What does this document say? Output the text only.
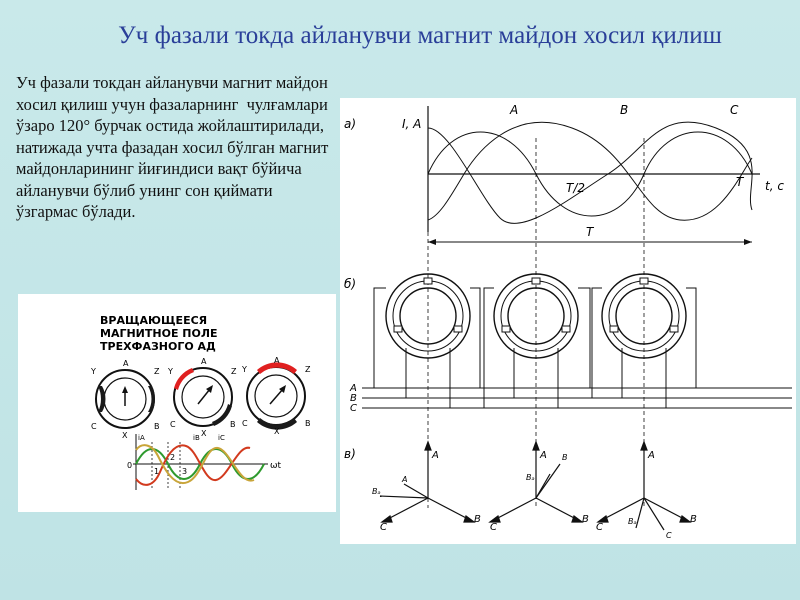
Уч фазали токда айланувчи магнит майдон хосил қилиш
Уч фазали токдан айланувчи магнит майдон хосил қилиш учун фазаларнинг  чулғамлари ўзаро 120° бурчак остида жойлаштирилади, натижада учта фазадан хосил бўлган магнит майдонларининг йиғиндиси вақт бўйича айланувчи бўлиб унинг сон қиймати ўзгармас бўлади.
ВРАЩАЮЩЕЕСЯ
МАГНИТНОЕ ПОЛЕ
ТРЕХФАЗНОГО АД
A
Y	Z
C	B
X
A
Y	Z
C	B
X
A
Y	Z
C	B
X
iA	iB	iC
0
1
2
3
ωt
а)	I, A
t, c
A	B	C
T/2	T
T
б)
A
B
C
в)	A
B
C
A
Bₐ
A
B
C
B
Bₐ
A
B
C
C
Bₐ
